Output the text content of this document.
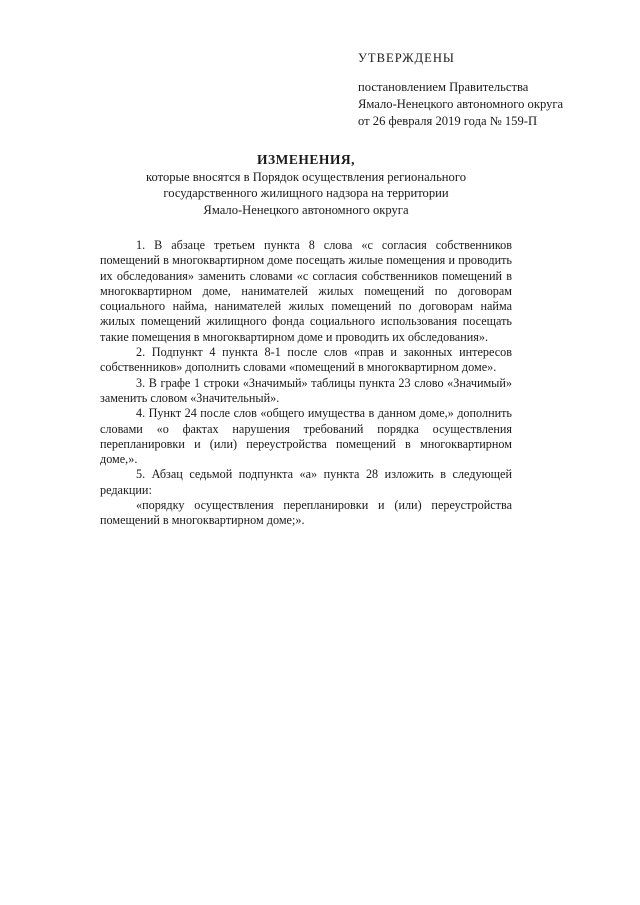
УТВЕРЖДЕНЫ
постановлением Правительства
Ямало-Ненецкого автономного округа
от 26 февраля 2019 года № 159-П
ИЗМЕНЕНИЯ,
которые вносятся в Порядок осуществления регионального
государственного жилищного надзора на территории
Ямало-Ненецкого автономного округа

1. В абзаце третьем пункта 8 слова «с согласия собственников помещений в многоквартирном доме посещать жилые помещения и проводить их обследования» заменить словами «с согласия собственников помещений в многоквартирном доме, нанимателей жилых помещений по договорам социального найма, нанимателей жилых помещений по договорам найма жилых помещений жилищного фонда социального использования посещать такие помещения в многоквартирном доме и проводить их обследования».

2. Подпункт 4 пункта 8-1 после слов «прав и законных интересов собственников» дополнить словами «помещений в многоквартирном доме».

3. В графе 1 строки «Значимый» таблицы пункта 23 слово «Значимый» заменить словом «Значительный».

4. Пункт 24 после слов «общего имущества в данном доме,» дополнить словами «о фактах нарушения требований порядка осуществления перепланировки и (или) переустройства помещений в многоквартирном доме,».

5. Абзац седьмой подпункта «а» пункта 28 изложить в следующей редакции:

«порядку осуществления перепланировки и (или) переустройства помещений в многоквартирном доме;».
